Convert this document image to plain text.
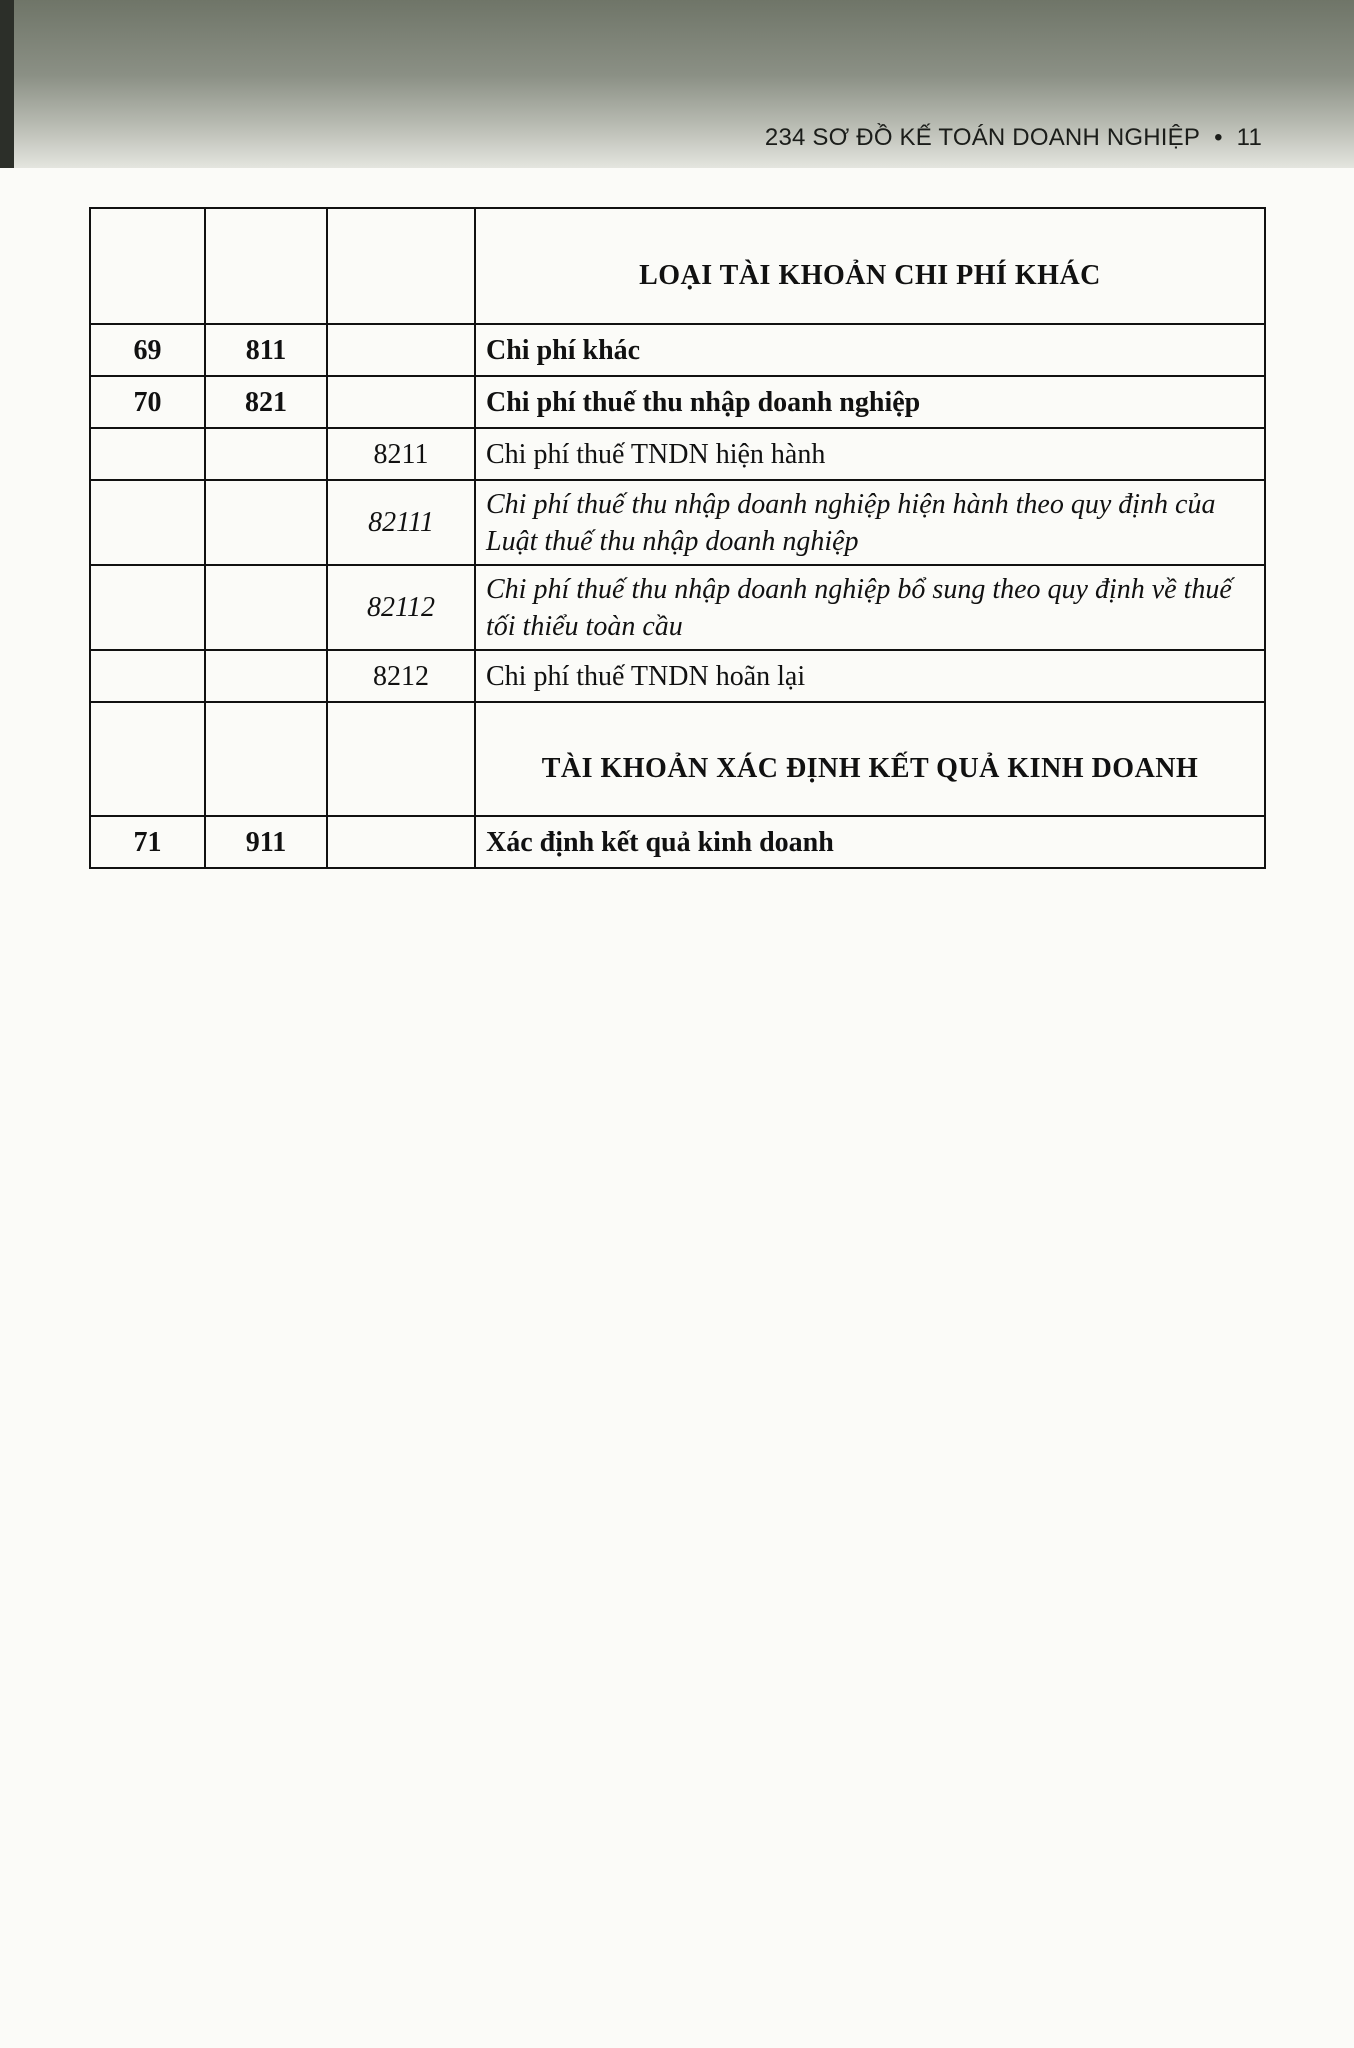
234 SƠ ĐỒ KẾ TOÁN DOANH NGHIỆP • 11
			LOẠI TÀI KHOẢN CHI PHÍ KHÁC
69	811		Chi phí khác
70	821		Chi phí thuế thu nhập doanh nghiệp
		8211	Chi phí thuế TNDN hiện hành
		82111	Chi phí thuế thu nhập doanh nghiệp hiện hành theo quy định của Luật thuế thu nhập doanh nghiệp
		82112	Chi phí thuế thu nhập doanh nghiệp bổ sung theo quy định về thuế tối thiểu toàn cầu
		8212	Chi phí thuế TNDN hoãn lại
			TÀI KHOẢN XÁC ĐỊNH KẾT QUẢ KINH DOANH
71	911		Xác định kết quả kinh doanh
